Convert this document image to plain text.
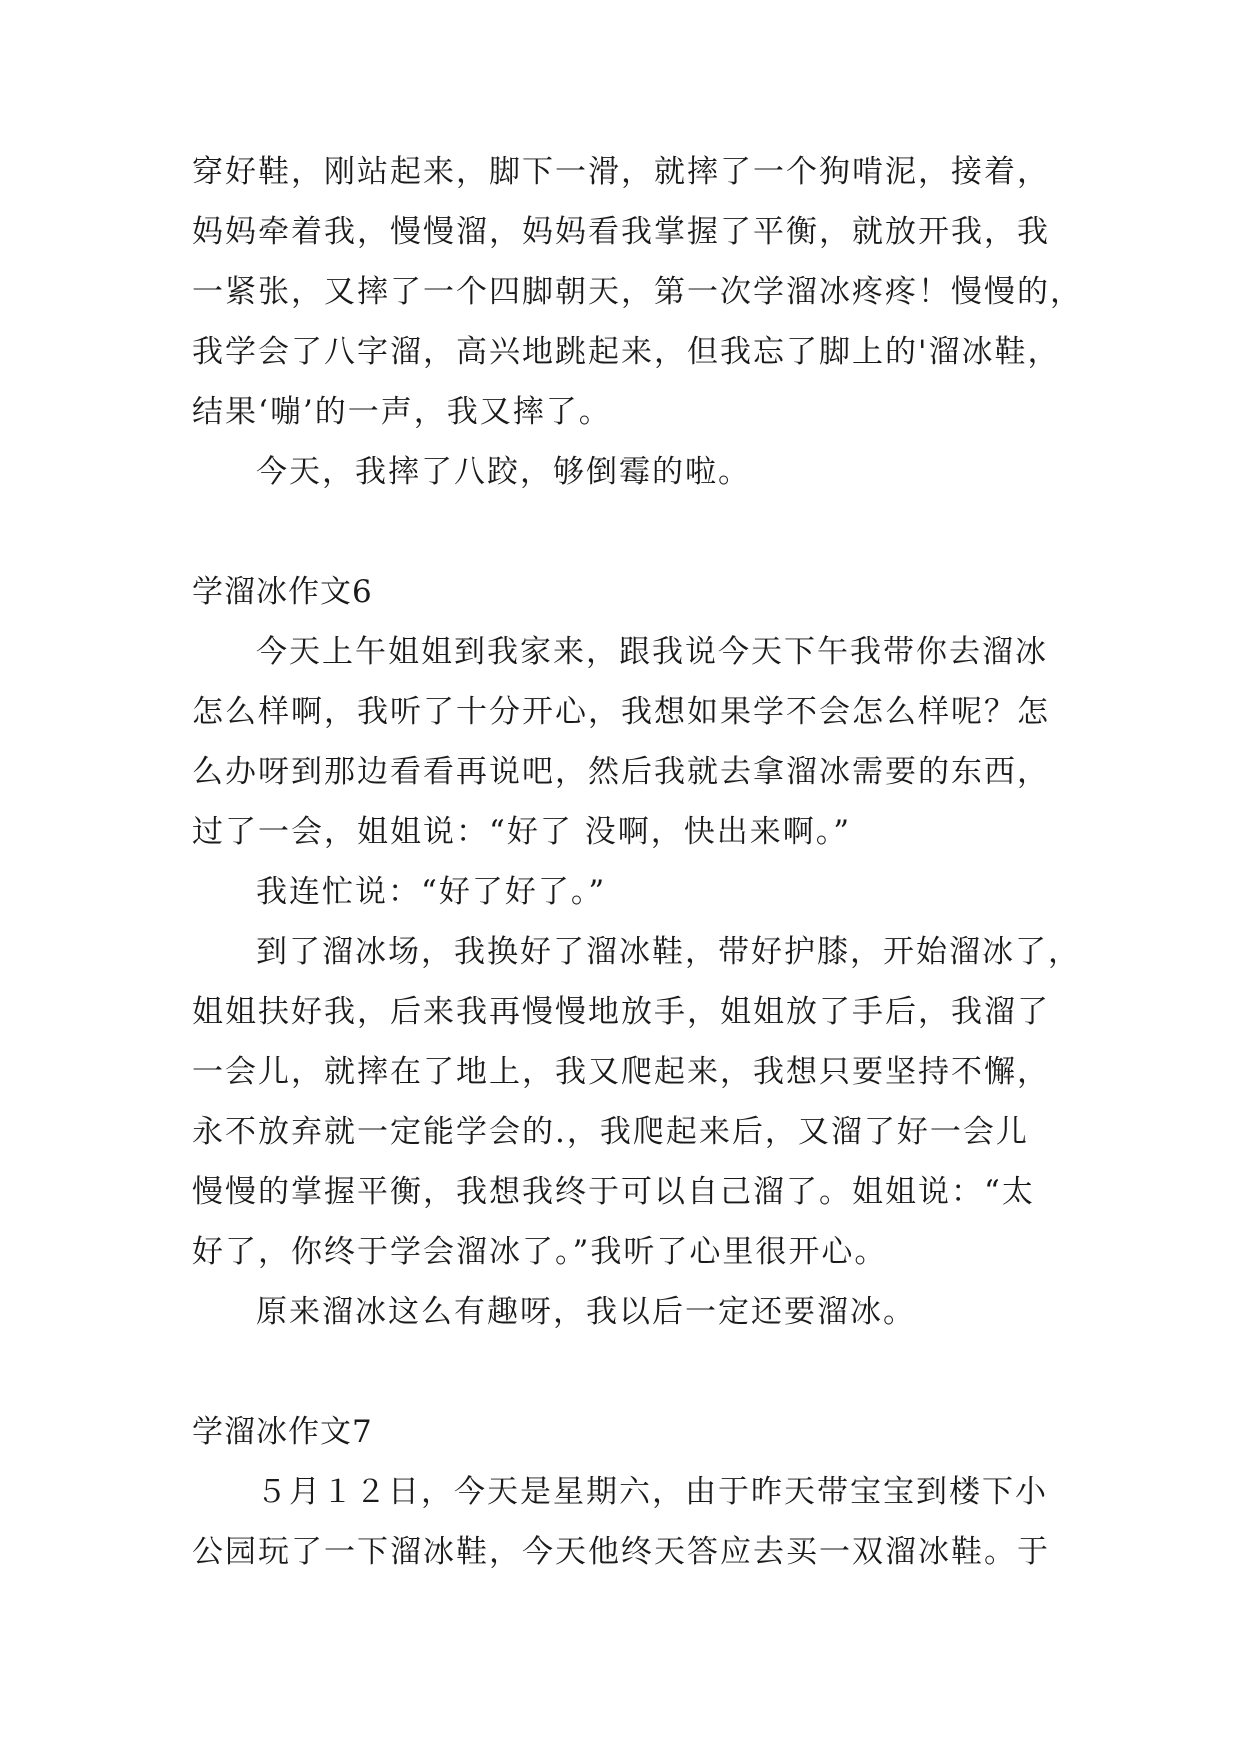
穿好鞋，刚站起来，脚下一滑，就摔了一个狗啃泥，接着，
妈妈牵着我，慢慢溜，妈妈看我掌握了平衡，就放开我，我
一紧张，又摔了一个四脚朝天，第一次学溜冰疼疼！慢慢的，
我学会了八字溜，高兴地跳起来，但我忘了脚上的'溜冰鞋，
结果‘嘣’的一声，我又摔了。
今天，我摔了八跤，够倒霉的啦。
学溜冰作文6
今天上午姐姐到我家来，跟我说今天下午我带你去溜冰
怎么样啊，我听了十分开心，我想如果学不会怎么样呢？怎
么办呀到那边看看再说吧，然后我就去拿溜冰需要的东西，
过了一会，姐姐说：“好了 没啊，快出来啊。”
我连忙说：“好了好了。”
到了溜冰场，我换好了溜冰鞋，带好护膝，开始溜冰了，
姐姐扶好我，后来我再慢慢地放手，姐姐放了手后，我溜了
一会儿，就摔在了地上，我又爬起来，我想只要坚持不懈，
永不放弃就一定能学会的.，我爬起来后，又溜了好一会儿
慢慢的掌握平衡，我想我终于可以自己溜了。姐姐说：“太
好了，你终于学会溜冰了。”我听了心里很开心。
原来溜冰这么有趣呀，我以后一定还要溜冰。
学溜冰作文7
５月１２日，今天是星期六，由于昨天带宝宝到楼下小
公园玩了一下溜冰鞋，今天他终天答应去买一双溜冰鞋。于
